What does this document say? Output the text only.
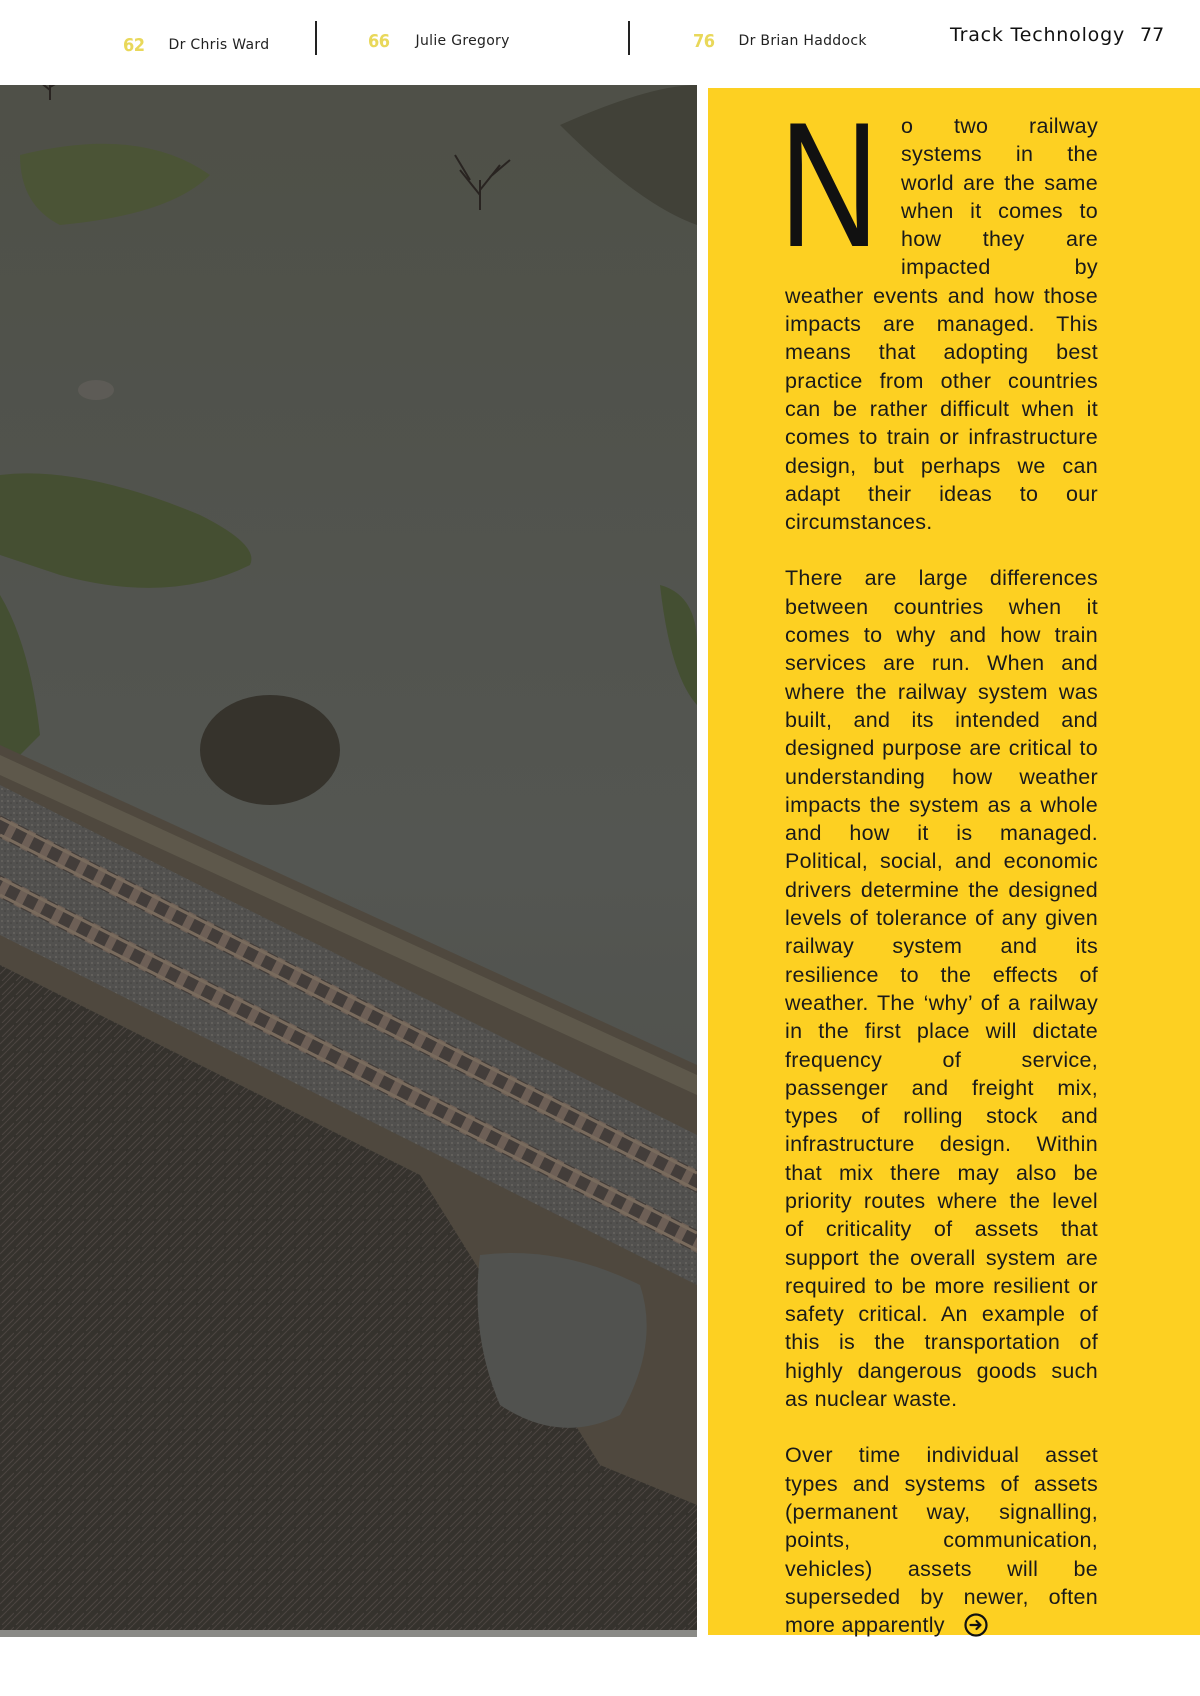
62 Dr Chris Ward	66 Julie Gregory	76 Dr Brian Haddock	Track Technology 77

No two railway systems in the world are the same when it comes to how they are impacted by weather events and how those impacts are managed. This means that adopting best practice from other countries can be rather difficult when it comes to train or infrastructure design, but perhaps we can adapt their ideas to our circumstances.

There are large differences between countries when it comes to why and how train services are run. When and where the railway system was built, and its intended and designed purpose are critical to understanding how weather impacts the system as a whole and how it is managed. Political, social, and economic drivers determine the designed levels of tolerance of any given railway system and its resilience to the effects of weather. The ‘why’ of a railway in the first place will dictate frequency of service, passenger and freight mix, types of rolling stock and infrastructure design. Within that mix there may also be priority routes where the level of criticality of assets that support the overall system are required to be more resilient or safety critical. An example of this is the transportation of highly dangerous goods such as nuclear waste.

Over time individual asset types and systems of assets (permanent way, signalling, points, communication, vehicles) assets will be superseded by newer, often more apparently
